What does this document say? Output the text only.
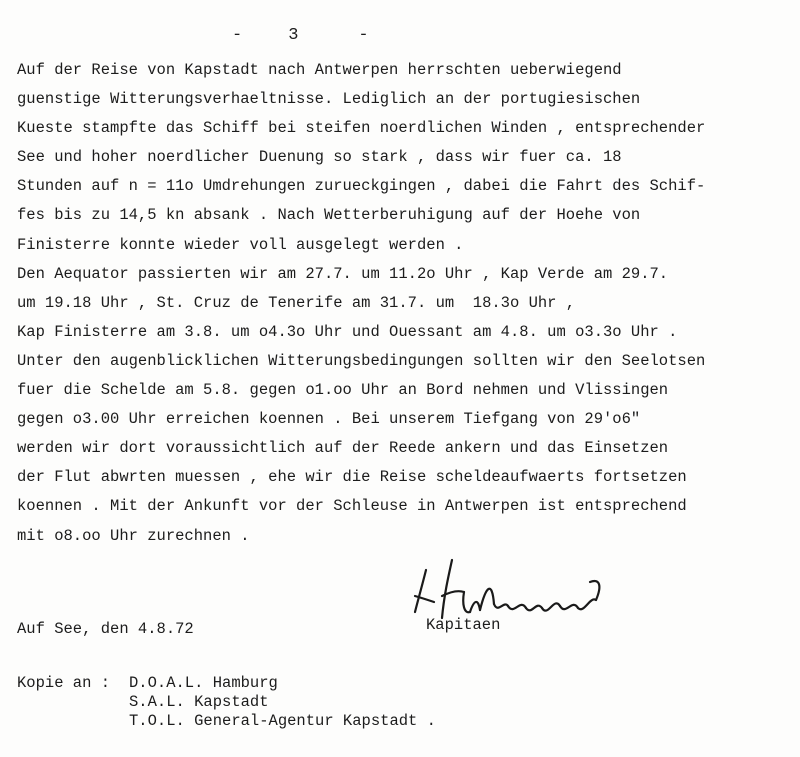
-	3	-
Auf der Reise von Kapstadt nach Antwerpen herrschten ueberwiegend
guenstige Witterungsverhaeltnisse. Lediglich an der portugiesischen
Kueste stampfte das Schiff bei steifen noerdlichen Winden , entsprechender
See und hoher noerdlicher Duenung so stark , dass wir fuer ca. 18
Stunden auf n = 11o Umdrehungen zurueckgingen , dabei die Fahrt des Schif-
fes bis zu 14,5 kn absank . Nach Wetterberuhigung auf der Hoehe von
Finisterre konnte wieder voll ausgelegt werden .
Den Aequator passierten wir am 27.7. um 11.2o Uhr , Kap Verde am 29.7.
um 19.18 Uhr , St. Cruz de Tenerife am 31.7. um  18.3o Uhr ,
Kap Finisterre am 3.8. um o4.3o Uhr und Ouessant am 4.8. um o3.3o Uhr .
Unter den augenblicklichen Witterungsbedingungen sollten wir den Seelotsen
fuer die Schelde am 5.8. gegen o1.oo Uhr an Bord nehmen und Vlissingen
gegen o3.00 Uhr erreichen koennen . Bei unserem Tiefgang von 29'o6"
werden wir dort voraussichtlich auf der Reede ankern und das Einsetzen
der Flut abwrten muessen , ehe wir die Reise scheldeaufwaerts fortsetzen
koennen . Mit der Ankunft vor der Schleuse in Antwerpen ist entsprechend
mit o8.oo Uhr zurechnen .
Kapitaen
Auf See, den 4.8.72
Kopie an : D.O.A.L. Hamburg
S.A.L. Kapstadt
T.O.L. General-Agentur Kapstadt .
